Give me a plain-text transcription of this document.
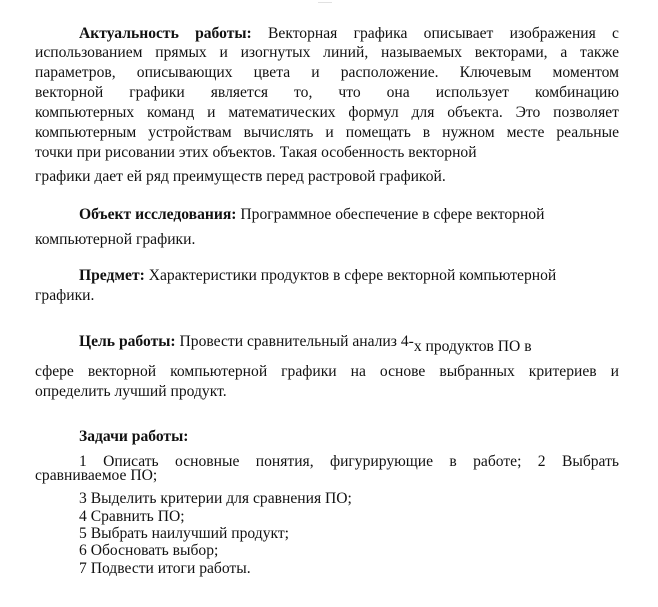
Актуальность работы: Векторная графика описывает изображения с
использованием прямых и изогнутых линий, называемых векторами, а также
параметров, описывающих цвета и расположение. Ключевым моментом
векторной графики является то, что она использует комбинацию
компьютерных команд и математических формул для объекта. Это позволяет
компьютерным устройствам вычислять и помещать в нужном месте реальные
точки при рисовании этих объектов. Такая особенность векторной
графики дает ей ряд преимуществ перед растровой графикой.
Объект исследования: Программное обеспечение в сфере векторной
компьютерной графики.
Предмет: Характеристики продуктов в сфере векторной компьютерной
графики.
Цель работы: Провести сравнительный анализ 4-х продуктов ПО в
сфере векторной компьютерной графики на основе выбранных критериев и
определить лучший продукт.
Задачи работы:
1 Описать основные понятия, фигурирующие в работе; 2 Выбрать
сравниваемое ПО;
3 Выделить критерии для сравнения ПО;
4 Сравнить ПО;
5 Выбрать наилучший продукт;
6 Обосновать выбор;
7 Подвести итоги работы.
